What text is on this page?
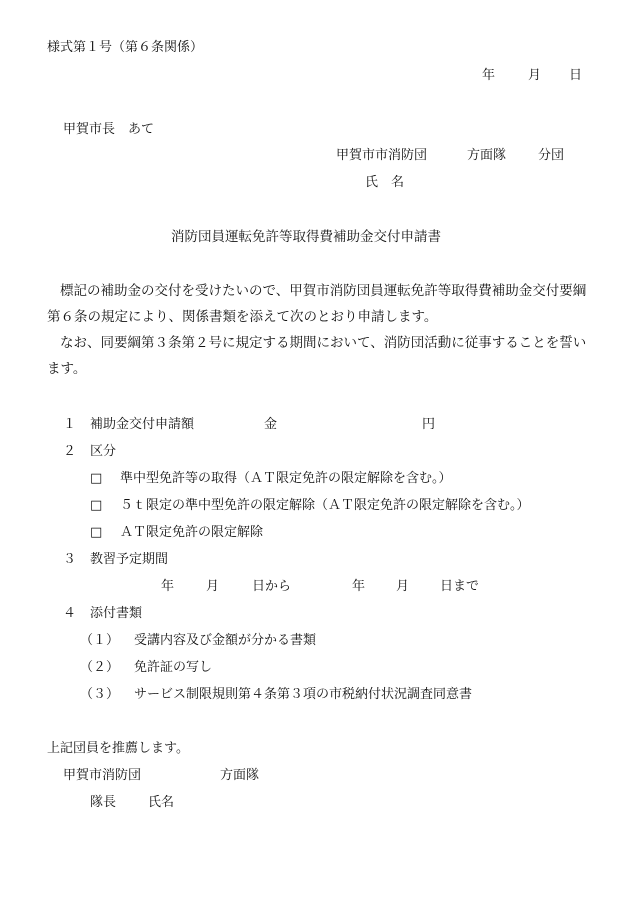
様式第１号（第６条関係）
年	月 日
甲賀市長　あて
甲賀市市消防団	方面隊 分団
氏　名
消防団員運転免許等取得費補助金交付申請書
標記の補助金の交付を受けたいので、甲賀市消防団員運転免許等取得費補助金交付要綱第６条の規定により、関係書類を添えて次のとおり申請します。
なお、同要綱第３条第２号に規定する期間において、消防団活動に従事することを誓います。
１ 補助金交付申請額	金	円
２ 区分
□ 準中型免許等の取得（ＡＴ限定免許の限定解除を含む。）
□ ５ｔ限定の準中型免許の限定解除（ＡＴ限定免許の限定解除を含む。）
□ ＡＴ限定免許の限定解除
３ 教習予定期間
年 月	日から	年 月 日まで
４ 添付書類
（１） 受講内容及び金額が分かる書類
（２） 免許証の写し
（３） サービス制限規則第４条第３項の市税納付状況調査同意書
上記団員を推薦します。
甲賀市消防団	方面隊
隊長 氏名
